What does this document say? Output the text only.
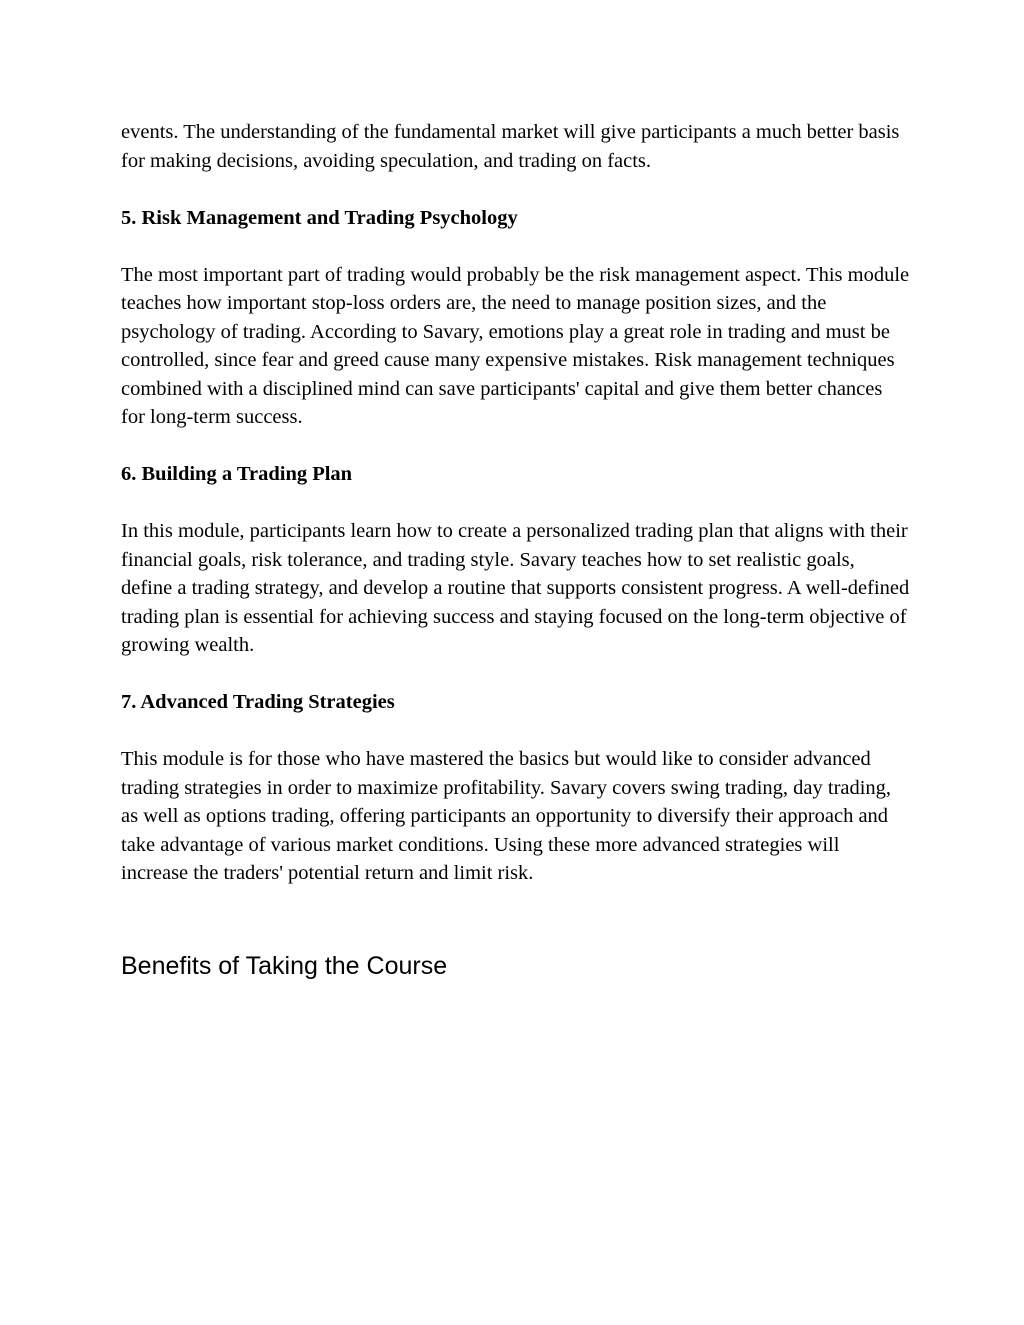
events. The understanding of the fundamental market will give participants a much better basis for making decisions, avoiding speculation, and trading on facts.

5. Risk Management and Trading Psychology

The most important part of trading would probably be the risk management aspect. This module teaches how important stop-loss orders are, the need to manage position sizes, and the psychology of trading. According to Savary, emotions play a great role in trading and must be controlled, since fear and greed cause many expensive mistakes. Risk management techniques combined with a disciplined mind can save participants' capital and give them better chances for long-term success.

6. Building a Trading Plan

In this module, participants learn how to create a personalized trading plan that aligns with their financial goals, risk tolerance, and trading style. Savary teaches how to set realistic goals, define a trading strategy, and develop a routine that supports consistent progress. A well-defined trading plan is essential for achieving success and staying focused on the long-term objective of growing wealth.

7. Advanced Trading Strategies

This module is for those who have mastered the basics but would like to consider advanced trading strategies in order to maximize profitability. Savary covers swing trading, day trading, as well as options trading, offering participants an opportunity to diversify their approach and take advantage of various market conditions. Using these more advanced strategies will increase the traders' potential return and limit risk.

Benefits of Taking the Course
